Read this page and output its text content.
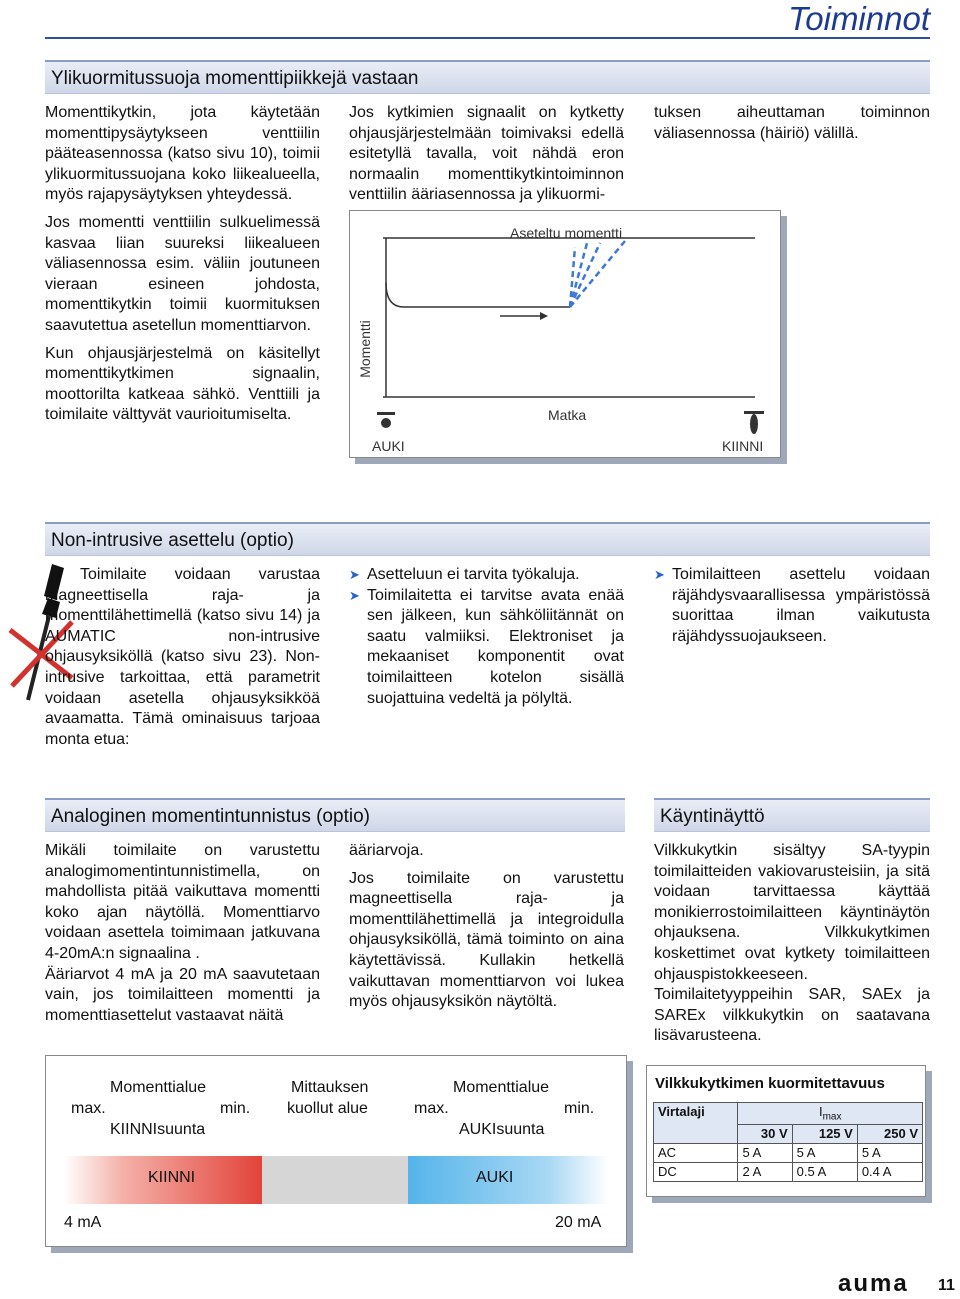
Toiminnot
Ylikuormitussuoja momenttipiikkejä vastaan

Momenttikytkin, jota käytetään momenttipysäytykseen venttiilin pääteasennossa (katso sivu 10), toimii ylikuormitussuojana koko liikealueella, myös rajapysäytyksen yhteydessä.

Jos momentti venttiilin sulkuelimessä kasvaa liian suureksi liikealueen väliasennossa esim. väliin joutuneen vieraan esineen johdosta, momenttikytkin toimii kuormituksen saavutettua asetellun momenttiarvon.

Kun ohjausjärjestelmä on käsitellyt momenttikytkimen signaalin, moottorilta katkeaa sähkö. Venttiili ja toimilaite välttyvät vaurioitumiselta.

Jos kytkimien signaalit on kytketty ohjausjärjestelmään toimivaksi edellä esitetyllä tavalla, voit nähdä eron normaalin momenttikytkintoiminnon venttiilin ääriasennossa ja ylikuormi-
tuksen aiheuttaman toiminnon väliasennossa (häiriö) välillä.
Aseteltu momentti
Momentti
Matka
AUKI	KIINNI
Non-intrusive asettelu (optio)
Toimilaite voidaan varustaa magneettisella raja- ja momenttilähettimellä (katso sivu 14) ja AUMATIC non-intrusive ohjausyksiköllä (katso sivu 23). Non-intrusive tarkoittaa, että parametrit voidaan asetella ohjausyksikköä avaamatta. Tämä ominaisuus tarjoaa monta etua:
➤ Asetteluun ei tarvita työkaluja.
➤ Toimilaitetta ei tarvitse avata enää sen jälkeen, kun sähköliitännät on saatu valmiiksi. Elektroniset ja mekaaniset komponentit ovat toimilaitteen kotelon sisällä suojattuina vedeltä ja pölyltä.
➤ Toimilaitteen asettelu voidaan räjähdysvaarallisessa ympäristössä suorittaa ilman vaikutusta räjähdyssuojaukseen.
Analoginen momentintunnistus (optio)

Mikäli toimilaite on varustettu analogimomentintunnistimella, on mahdollista pitää vaikuttava momentti koko ajan näytöllä. Momenttiarvo voidaan asettela toimimaan jatkuvana 4-20mA:n signaalina .

Ääriarvot 4 mA ja 20 mA saavutetaan vain, jos toimilaitteen momentti ja momenttiasettelut vastaavat näitä

ääriarvoja.

Jos toimilaite on varustettu magneettisella raja- ja momenttilähettimellä ja integroidulla ohjausyksiköllä, tämä toiminto on aina käytettävissä. Kullakin hetkellä vaikuttavan momenttiarvon voi lukea myös ohjausyksikön näytöltä.

Momenttialue
max.	min.
KIINNIsuunta
Mittauksen
kuollut alue
Momenttialue
max.	min.
AUKIsuunta
KIINNI	AUKI
4 mA	20 mA
Käyntinäyttö
Vilkkukytkin sisältyy SA-tyypin toimilaitteiden vakiovarusteisiin, ja sitä voidaan tarvittaessa käyttää monikierrostoimilaitteen käyntinäytön ohjauksena. Vilkkukytkimen koskettimet ovat kytkety toimilaitteen ohjauspistokkeeseen. Toimilaitetyyppeihin SAR, SAEx ja SAREx vilkkukytkin on saatavana lisävarusteena.
Vilkkukytkimen kuormitettavuus
Virtalaji	$I_{max}$
	30 V	125 V	250 V
AC	5 A	5 A	5 A
DC	2 A	0.5 A	0.4 A
auma 11
